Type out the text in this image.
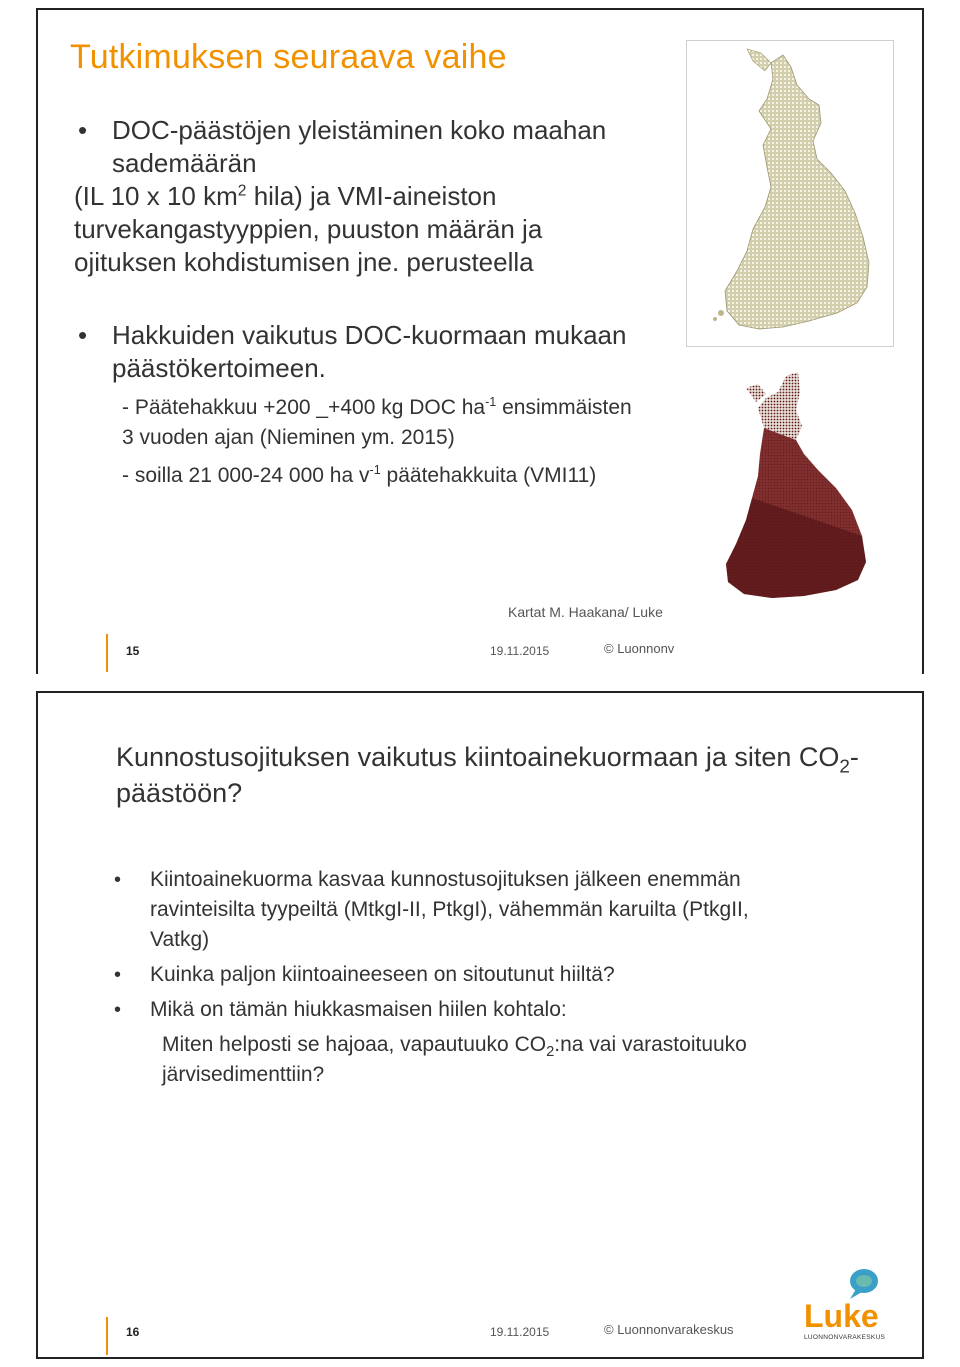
Tutkimuksen seuraava vaihe
• DOC-päästöjen yleistäminen koko maahan sademäärän
(IL 10 x 10 $km^2$ hila) ja VMI-aineiston turvekangastyyppien, puuston määrän ja ojituksen kohdistumisen jne. perusteella
• Hakkuiden vaikutus DOC-kuormaan mukaan päästökertoimeen.
- Päätehakkuu +200 _+400 kg DOC $ha^{-1}$ ensimmäisten 3 vuoden ajan (Nieminen ym. 2015)
- soilla 21 000-24 000 ha $v^{-1}$ päätehakkuita (VMI11)
Kartat M. Haakana/ Luke
15	19.11.2015	© Luonnonv
Kunnostusojituksen vaikutus kiintoainekuormaan ja siten $CO_2$-päästöön?
• Kiintoainekuorma kasvaa kunnostusojituksen jälkeen enemmän ravinteisilta tyypeiltä (MtkgI-II, PtkgI), vähemmän karuilta (PtkgII, Vatkg)
• Kuinka paljon kiintoaineeseen on sitoutunut hiiltä?
• Mikä on tämän hiukkasmaisen hiilen kohtalo:
Miten helposti se hajoaa, vapautuuko $CO_2:na$ vai varastoituuko järvisedimenttiin?
Luke
LUONNONVARAKESKUS
16	19.11.2015	© Luonnonvarakeskus
